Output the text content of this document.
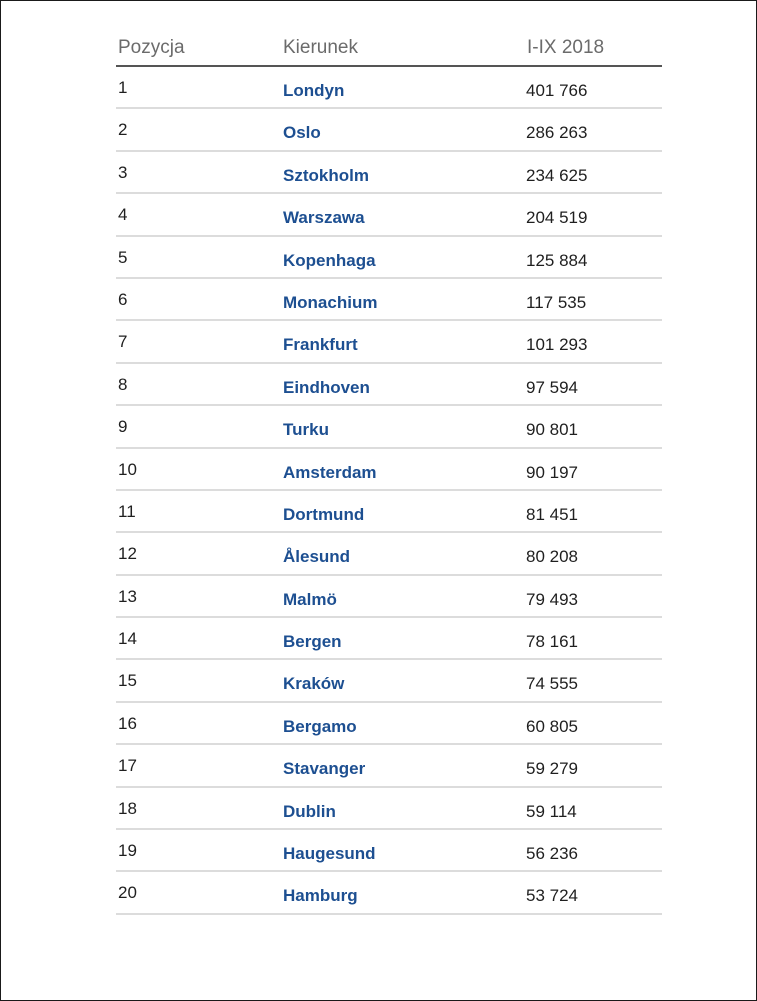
Pozycja	Kierunek	I-IX 2018
1	Londyn	401 766
2	Oslo	286 263
3	Sztokholm	234 625
4	Warszawa	204 519
5	Kopenhaga	125 884
6	Monachium	117 535
7	Frankfurt	101 293
8	Eindhoven	97 594
9	Turku	90 801
10	Amsterdam	90 197
11	Dortmund	81 451
12	Ålesund	80 208
13	Malmö	79 493
14	Bergen	78 161
15	Kraków	74 555
16	Bergamo	60 805
17	Stavanger	59 279
18	Dublin	59 114
19	Haugesund	56 236
20	Hamburg	53 724
